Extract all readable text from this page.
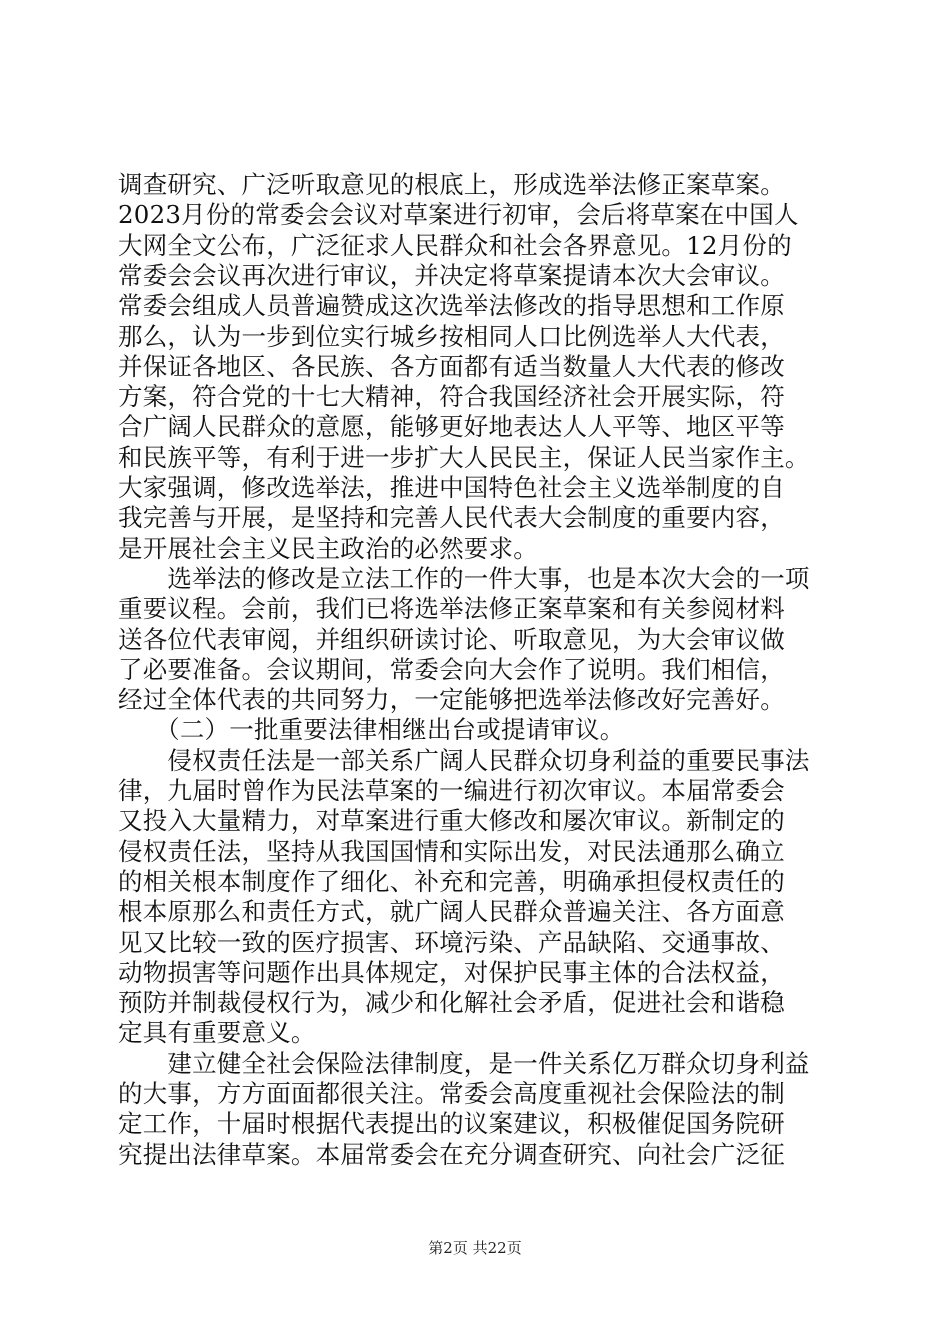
调查研究、广泛听取意见的根底上，形成选举法修正案草案。
2023月份的常委会会议对草案进行初审，会后将草案在中国人
大网全文公布，广泛征求人民群众和社会各界意见。12月份的
常委会会议再次进行审议，并决定将草案提请本次大会审议。
常委会组成人员普遍赞成这次选举法修改的指导思想和工作原
那么，认为一步到位实行城乡按相同人口比例选举人大代表，
并保证各地区、各民族、各方面都有适当数量人大代表的修改
方案，符合党的十七大精神，符合我国经济社会开展实际，符
合广阔人民群众的意愿，能够更好地表达人人平等、地区平等
和民族平等，有利于进一步扩大人民民主，保证人民当家作主。
大家强调，修改选举法，推进中国特色社会主义选举制度的自
我完善与开展，是坚持和完善人民代表大会制度的重要内容，
是开展社会主义民主政治的必然要求。
　　选举法的修改是立法工作的一件大事，也是本次大会的一项
重要议程。会前，我们已将选举法修正案草案和有关参阅材料
送各位代表审阅，并组织研读讨论、听取意见，为大会审议做
了必要准备。会议期间，常委会向大会作了说明。我们相信，
经过全体代表的共同努力，一定能够把选举法修改好完善好。
　　（二）一批重要法律相继出台或提请审议。
　　侵权责任法是一部关系广阔人民群众切身利益的重要民事法
律，九届时曾作为民法草案的一编进行初次审议。本届常委会
又投入大量精力，对草案进行重大修改和屡次审议。新制定的
侵权责任法，坚持从我国国情和实际出发，对民法通那么确立
的相关根本制度作了细化、补充和完善，明确承担侵权责任的
根本原那么和责任方式，就广阔人民群众普遍关注、各方面意
见又比较一致的医疗损害、环境污染、产品缺陷、交通事故、
动物损害等问题作出具体规定，对保护民事主体的合法权益，
预防并制裁侵权行为，减少和化解社会矛盾，促进社会和谐稳
定具有重要意义。
第2页 共22页
　　建立健全社会保险法律制度，是一件关系亿万群众切身利益
的大事，方方面面都很关注。常委会高度重视社会保险法的制
定工作，十届时根据代表提出的议案建议，积极催促国务院研
究提出法律草案。本届常委会在充分调查研究、向社会广泛征
